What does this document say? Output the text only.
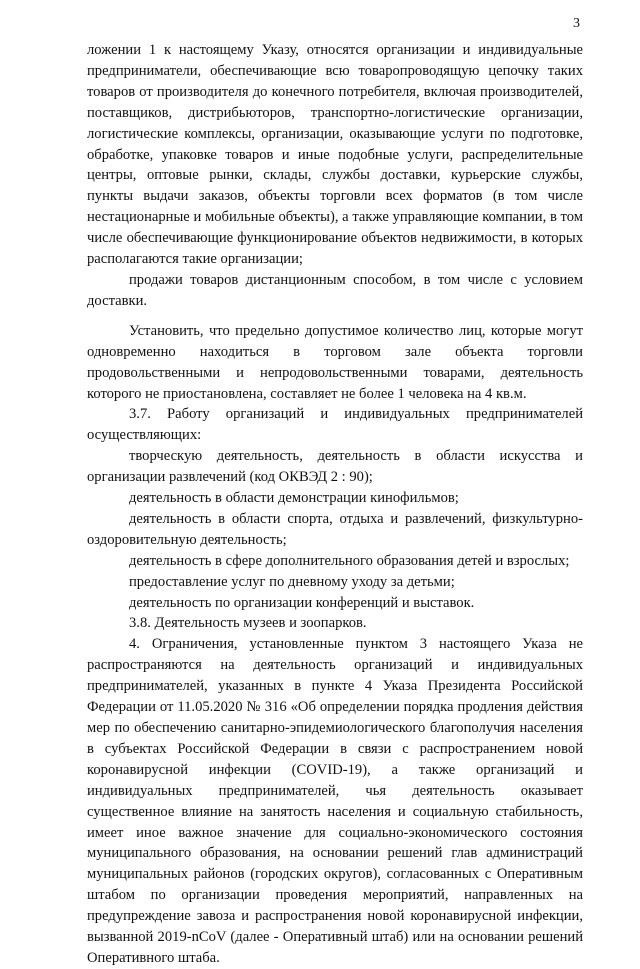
3

ложении 1 к настоящему Указу, относятся организации и индивидуальные предприниматели, обеспечивающие всю товаропроводящую цепочку таких товаров от производителя до конечного потребителя, включая производителей, поставщиков, дистрибьюторов, транспортно-логистические организации, логистические комплексы, организации, оказывающие услуги по подготовке, обработке, упаковке товаров и иные подобные услуги, распределительные центры, оптовые рынки, склады, службы доставки, курьерские службы, пункты выдачи заказов, объекты торговли всех форматов (в том числе нестационарные и мобильные объекты), а также управляющие компании, в том числе обеспечивающие функционирование объектов недвижимости, в которых располагаются такие организации;

продажи товаров дистанционным способом, в том числе с условием доставки.

Установить, что предельно допустимое количество лиц, которые могут одновременно находиться в торговом зале объекта торговли продовольственными и непродовольственными товарами, деятельность которого не приостановлена, составляет не более 1 человека на 4 кв.м.

3.7. Работу организаций и индивидуальных предпринимателей осуществляющих:

творческую деятельность, деятельность в области искусства и организации развлечений (код ОКВЭД 2 : 90);

деятельность в области демонстрации кинофильмов;

деятельность в области спорта, отдыха и развлечений, физкультурно-оздоровительную деятельность;

деятельность в сфере дополнительного образования детей и взрослых;

предоставление услуг по дневному уходу за детьми;

деятельность по организации конференций и выставок.

3.8. Деятельность музеев и зоопарков.

4. Ограничения, установленные пунктом 3 настоящего Указа не распространяются на деятельность организаций и индивидуальных предпринимателей, указанных в пункте 4 Указа Президента Российской Федерации от 11.05.2020 № 316 «Об определении порядка продления действия мер по обеспечению санитарно-эпидемиологического благополучия населения в субъектах Российской Федерации в связи с распространением новой коронавирусной инфекции (COVID-19), а также организаций и индивидуальных предпринимателей, чья деятельность оказывает существенное влияние на занятость населения и социальную стабильность, имеет иное важное значение для социально-экономического состояния муниципального образования, на основании решений глав администраций муниципальных районов (городских округов), согласованных с Оперативным штабом по организации проведения мероприятий, направленных на предупреждение завоза и распространения новой коронавирусной инфекции, вызванной 2019-nCoV (далее - Оперативный штаб) или на основании решений Оперативного штаба.
